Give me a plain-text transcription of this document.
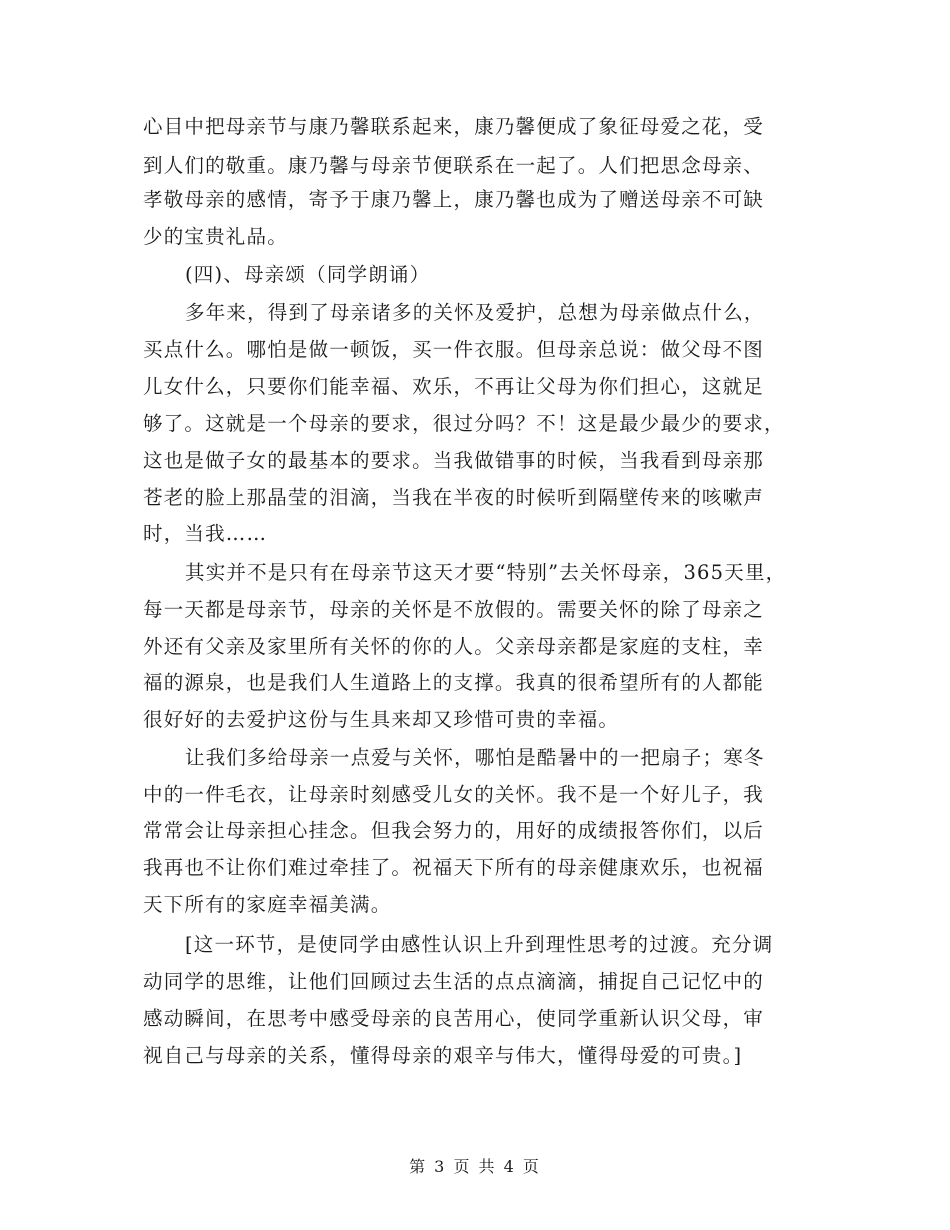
心目中把母亲节与康乃馨联系起来，康乃馨便成了象征母爱之花，受
到人们的敬重。康乃馨与母亲节便联系在一起了。人们把思念母亲、
孝敬母亲的感情，寄予于康乃馨上，康乃馨也成为了赠送母亲不可缺
少的宝贵礼品。
(四)、母亲颂（同学朗诵）
多年来，得到了母亲诸多的关怀及爱护，总想为母亲做点什么，
买点什么。哪怕是做一顿饭，买一件衣服。但母亲总说：做父母不图
儿女什么，只要你们能幸福、欢乐，不再让父母为你们担心，这就足
够了。这就是一个母亲的要求，很过分吗？不！这是最少最少的要求，
这也是做子女的最基本的要求。当我做错事的时候，当我看到母亲那
苍老的脸上那晶莹的泪滴，当我在半夜的时候听到隔壁传来的咳嗽声
时，当我……
其实并不是只有在母亲节这天才要“特别”去关怀母亲，365天里，
每一天都是母亲节，母亲的关怀是不放假的。需要关怀的除了母亲之
外还有父亲及家里所有关怀的你的人。父亲母亲都是家庭的支柱，幸
福的源泉，也是我们人生道路上的支撑。我真的很希望所有的人都能
很好好的去爱护这份与生具来却又珍惜可贵的幸福。
让我们多给母亲一点爱与关怀，哪怕是酷暑中的一把扇子；寒冬
中的一件毛衣，让母亲时刻感受儿女的关怀。我不是一个好儿子，我
常常会让母亲担心挂念。但我会努力的，用好的成绩报答你们，以后
我再也不让你们难过牵挂了。祝福天下所有的母亲健康欢乐，也祝福
天下所有的家庭幸福美满。
[这一环节，是使同学由感性认识上升到理性思考的过渡。充分调
动同学的思维，让他们回顾过去生活的点点滴滴，捕捉自己记忆中的
感动瞬间，在思考中感受母亲的良苦用心，使同学重新认识父母，审
视自己与母亲的关系，懂得母亲的艰辛与伟大，懂得母爱的可贵。]
第 3 页 共 4 页
